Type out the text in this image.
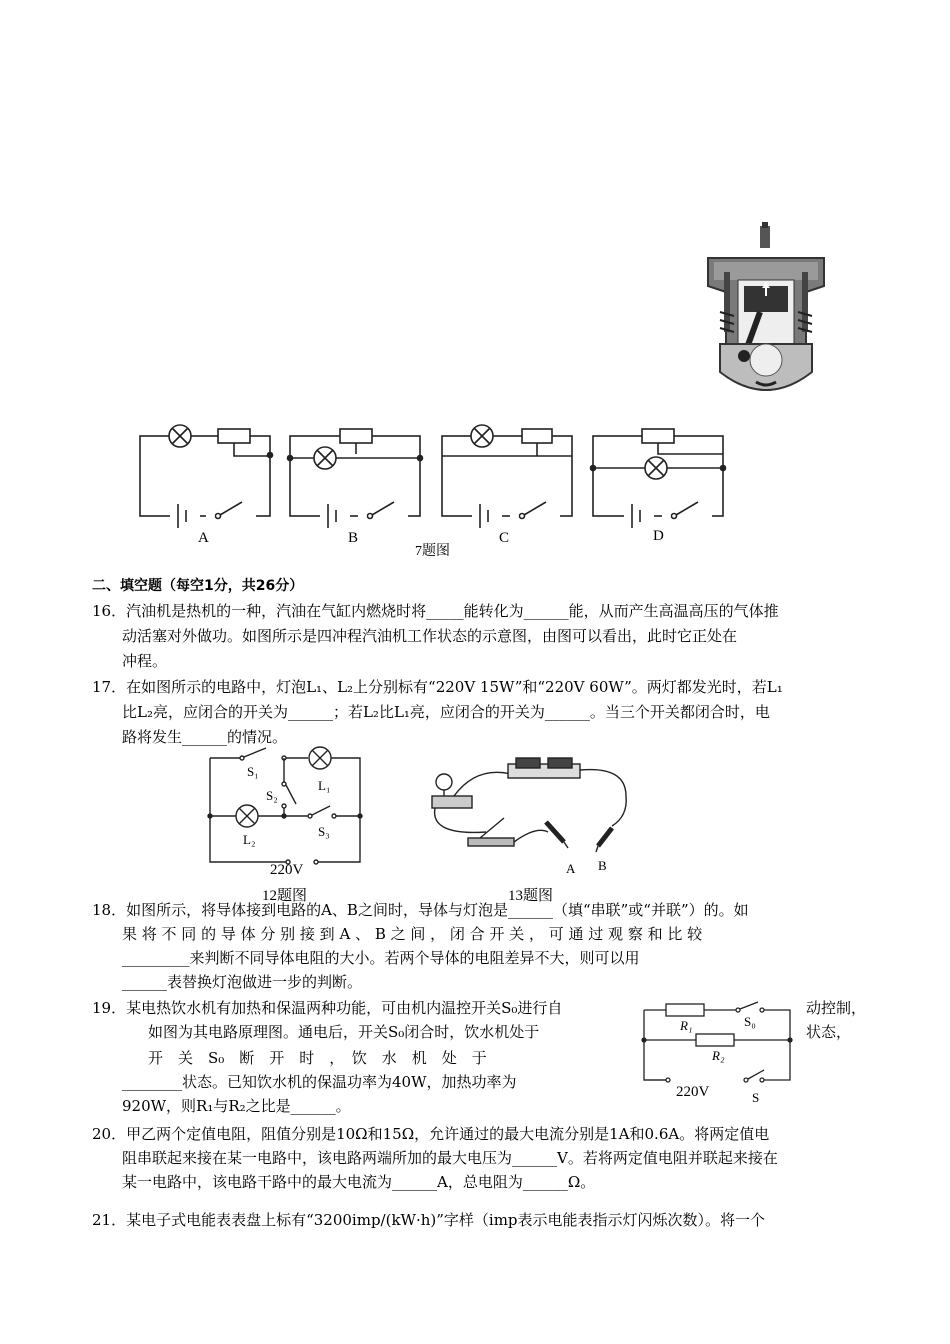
A	B
7题图
C	D
二、填空题（每空1分，共26分）
16．汽油机是热机的一种，汽油在气缸内燃烧时将_____能转化为______能，从而产生高温高压的气体推
动活塞对外做功。如图所示是四冲程汽油机工作状态的示意图，由图可以看出，此时它正处在
冲程。
17．在如图所示的电路中，灯泡L₁、L₂上分别标有“220V 15W”和“220V 60W”。两灯都发光时，若L₁
比L₂亮，应闭合的开关为______；若L₂比L₁亮，应闭合的开关为______。当三个开关都闭合时，电
路将发生______的情况。
S₁
L₁
S₂
S₃
L₂
220V
12题图
A B
13题图
18．如图所示，将导体接到电路的A、B之间时，导体与灯泡是______（填“串联”或“并联”）的。如
果 将 不 同 的 导 体 分 别 接 到 A 、 B 之 间 ， 闭 合 开 关 ， 可 通 过 观 察 和 比 较
_________来判断不同导体电阻的大小。若两个导体的电阻差异不大，则可以用
______表替换灯泡做进一步的判断。
19．某电热饮水机有加热和保温两种功能，可由机内温控开关S₀进行自	动控制，
如图为其电路原理图。通电后，开关S₀闭合时，饮水机处于	状态，
开　关　S₀　断　开　时　，　饮　水　机　处　于
________状态。已知饮水机的保温功率为40W，加热功率为
920W，则R₁与R₂之比是______。
R₁	S₀
R₂
220V	S
20．甲乙两个定值电阻，阻值分别是10Ω和15Ω，允许通过的最大电流分别是1A和0.6A。将两定值电
阻串联起来接在某一电路中，该电路两端所加的最大电压为______V。若将两定值电阻并联起来接在
某一电路中，该电路干路中的最大电流为______A，总电阻为______Ω。
21．某电子式电能表表盘上标有“3200imp/(kW·h)”字样（imp表示电能表指示灯闪烁次数）。将一个
